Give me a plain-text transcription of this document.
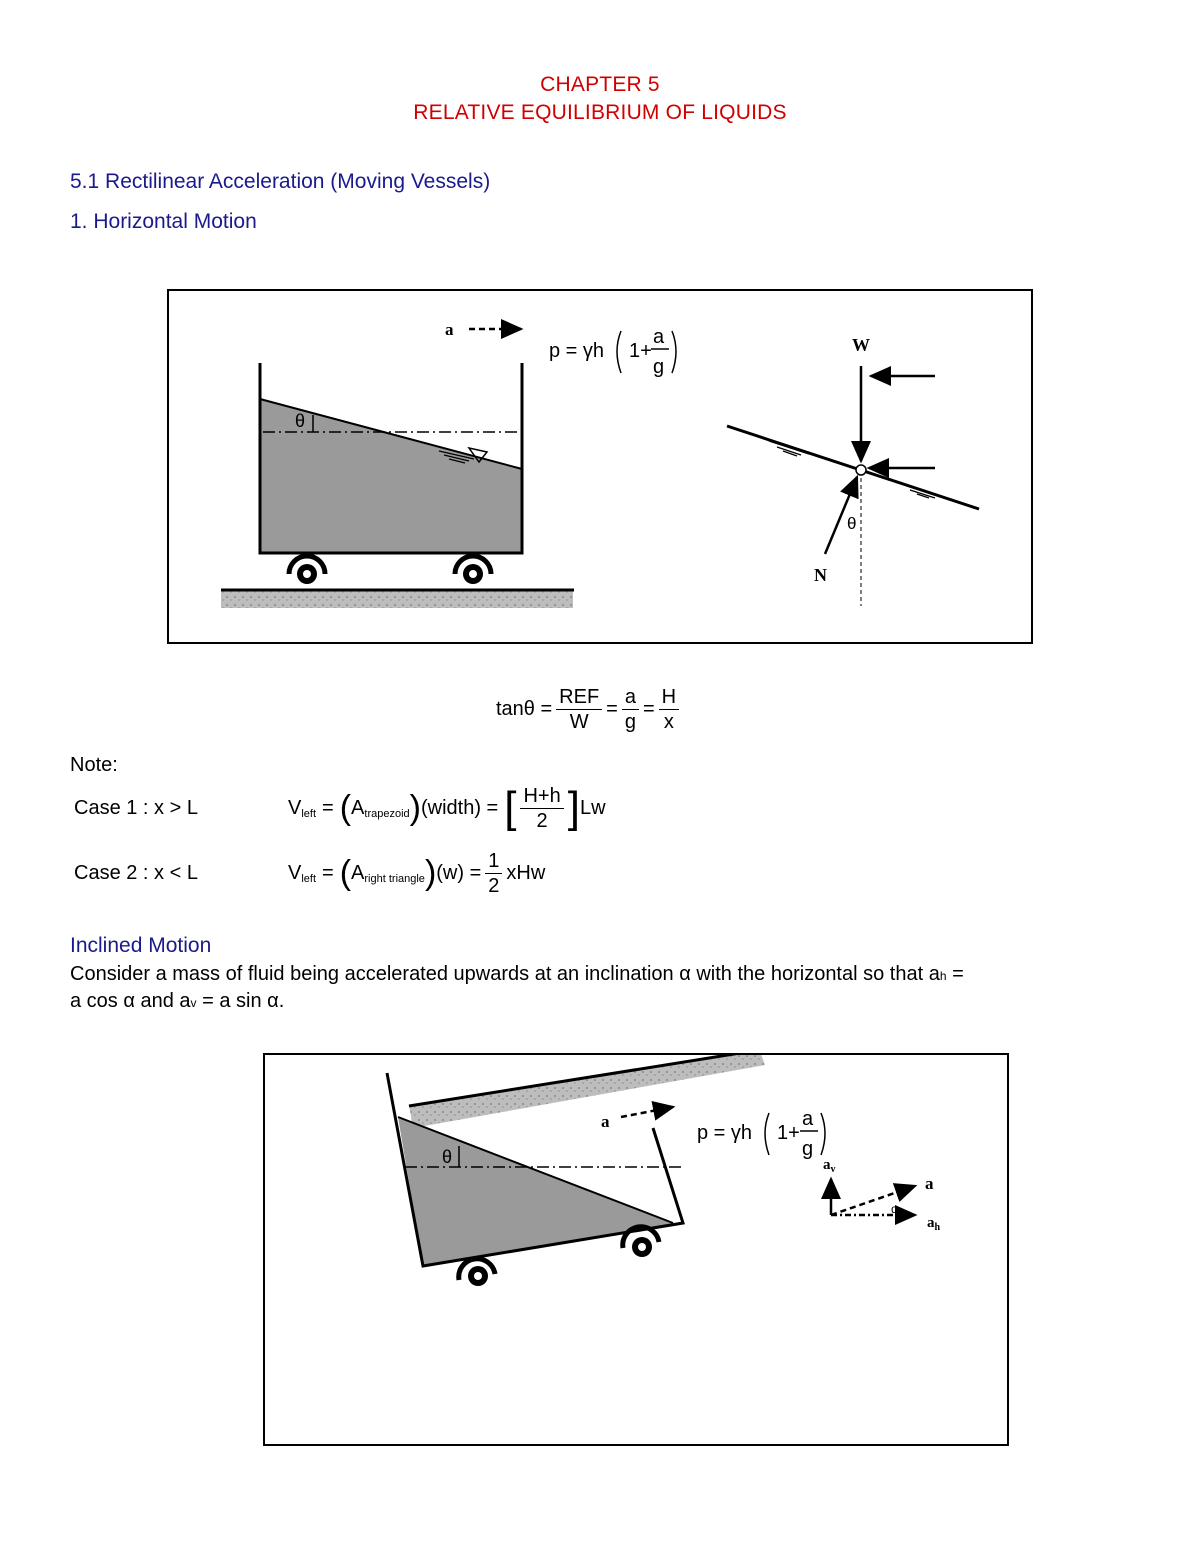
CHAPTER 5
RELATIVE EQUILIBRIUM OF LIQUIDS
5.1 Rectilinear Acceleration (Moving Vessels)
1. Horizontal Motion
θ
a
p = γh 1+
a
g
W
N
θ
$\tan\theta = \frac{\text{REF}}{W} = \frac{a}{g} = \frac{H}{x}$
Note:
Case 1 : x > L	V left = ( A trapezoid ) (width) = [ $\frac{H+h}{2}$ ] Lw
Case 2 : x < L	V left = ( A right triangle ) $(w) = \frac{1}{2}$ xHw
Inclined Motion
Consider a mass of fluid being accelerated upwards at an inclination α with the horizontal so that ah =
a cos α and av = a sin α.
θ
a
p = γh 1+
a
g
$a_v$
a
$a_h$
α
